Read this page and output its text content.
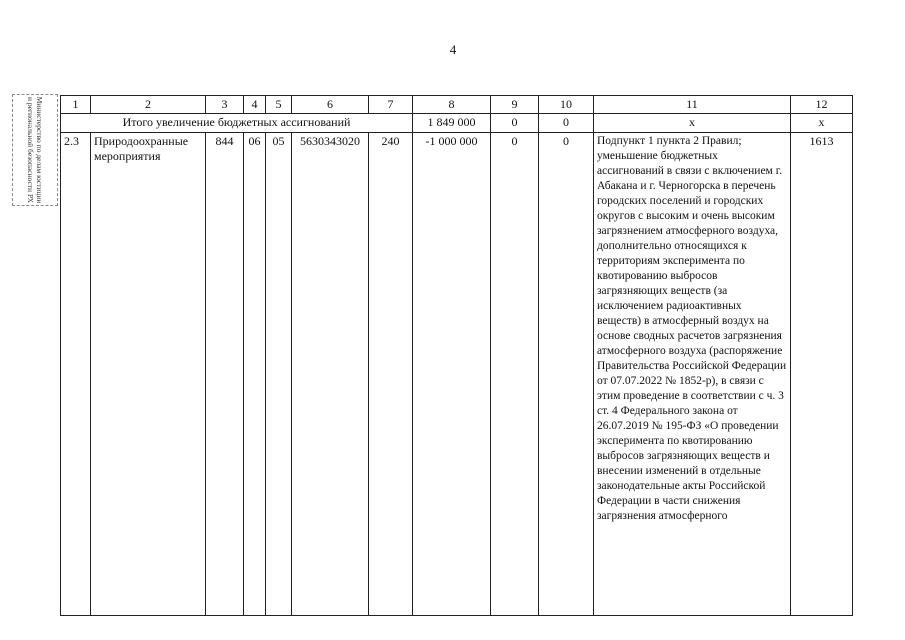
4
Министерство по делам юстиции и региональной безопасности РХ	1	2	3	4	5	6	7	8	9	10	11	12
Итого увеличение бюджетных ассигнований							1 849 000	0	0	x	x
2.3	Природоохранные мероприятия	844	06	05	5630343020	240	-1 000 000	0	0	Подпункт 1 пункта 2 Правил; уменьшение бюджетных ассигнований в связи с включением г. Абакана и г. Черногорска в перечень городских поселений и городских округов с высоким и очень высоким загрязнением атмосферного воздуха, дополнительно относящихся к территориям эксперимента по квотированию выбросов загрязняющих веществ (за исключением радиоактивных веществ) в атмосферный воздух на основе сводных расчетов загрязнения атмосферного воздуха (распоряжение Правительства Российской Федерации от 07.07.2022 № 1852-р), в связи с этим проведение в соответствии с ч. 3 ст. 4 Федерального закона от 26.07.2019 № 195-ФЗ «О проведении эксперимента по квотированию выбросов загрязняющих веществ и внесении изменений в отдельные законодательные акты Российской Федерации в части снижения загрязнения атмосферного	1613
